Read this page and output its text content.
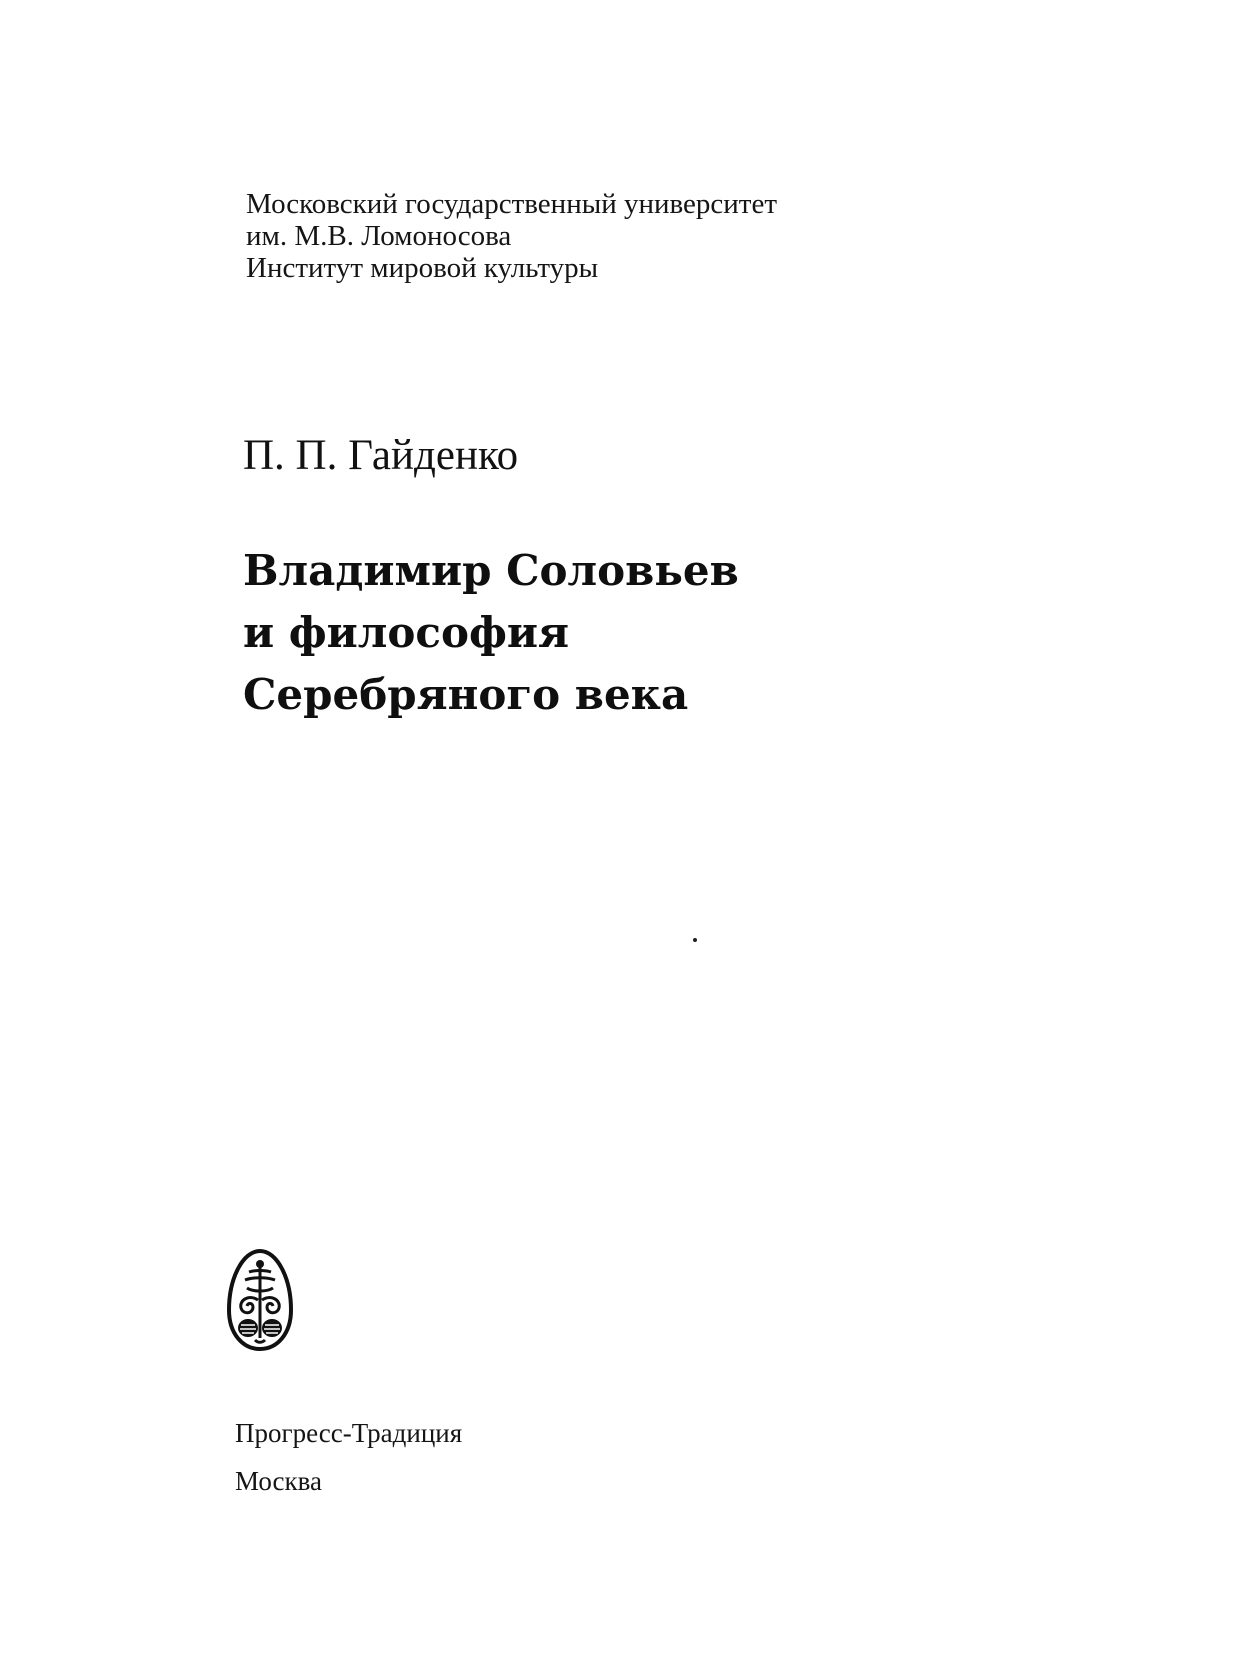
Московский государственный университет
им. М.В. Ломоносова
Институт мировой культуры
П. П. Гайденко
Владимир Соловьев
и философия
Серебряного века
Прогресс-Традиция
Москва
